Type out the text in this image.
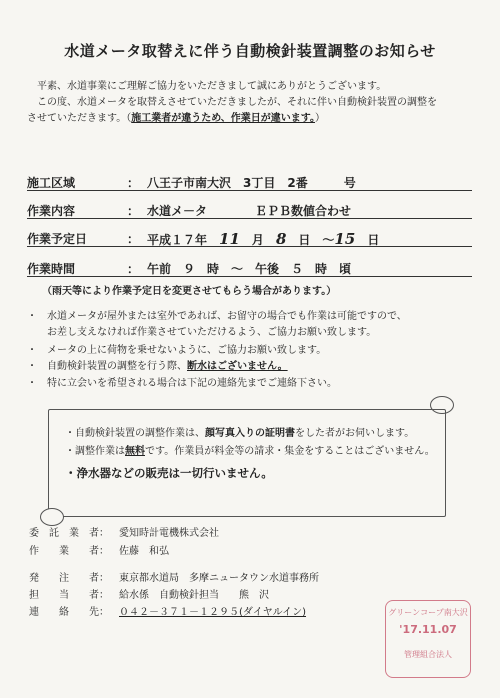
水道メータ取替えに伴う自動検針装置調整のお知らせ
平素、水道事業にご理解ご協力をいただきまして誠にありがとうございます。
この度、水道メータを取替えさせていただきましたが、それに伴い自動検針装置の調整を
させていただきます。（施工業者が違うため、作業日が違います。）
施工区域	： 八王子市南大沢　3丁目　2番　　　号
作業内容	： 水道メ－タ　　　　ＥＰＢ数値合わせ
作業予定日	： 平成１７年　 11　 月　 8　 日　～15　 日
作業時間	： 午前　９　時　～　午後　５　時　頃
（雨天等により作業予定日を変更させてもらう場合があります。）
・　水道メータが屋外または室外であれば、お留守の場合でも作業は可能ですので、
　　お差し支えなければ作業させていただけるよう、ご協力お願い致します。
・　メータの上に荷物を乗せないように、ご協力お願い致します。
・　自動検針装置の調整を行う際、断水はございません。
・　特に立会いを希望される場合は下記の連絡先までご連絡下さい。
・自動検針装置の調整作業は、顔写真入りの証明書をした者がお伺いします。
・調整作業は無料です。作業員が料金等の請求・集金をすることはございません。
・浄水器などの販売は一切行いません。
委　託　業　者： 愛知時計電機株式会社
作　　業　　者： 佐藤　和弘
発　　注　　者： 東京都水道局　多摩ニュータウン水道事務所
担　　当　　者： 給水係　自動検針担当　　熊　沢
連　　絡　　先： ０４２－３７１－１２９５(ダイヤルイン)	グリーンコープ南大沢
'17.11.07
管理組合法人
